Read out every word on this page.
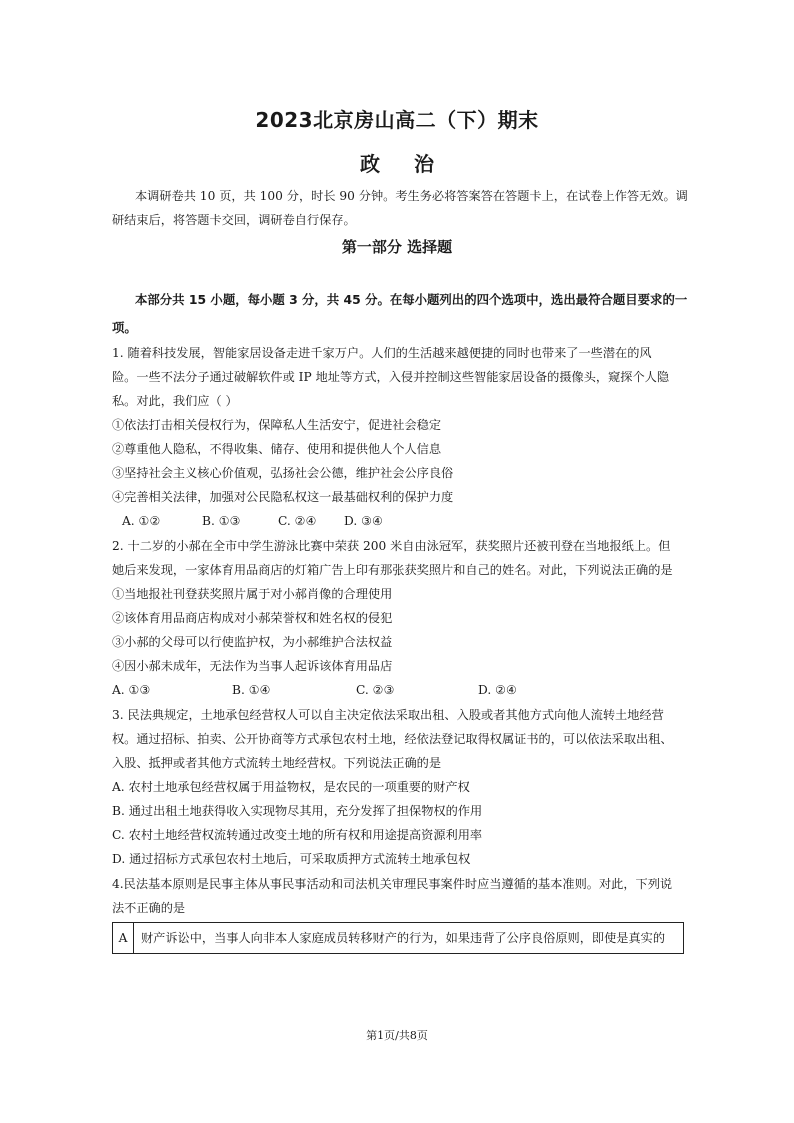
2023北京房山高二（下）期末
政治
本调研卷共 10 页，共 100 分，时长 90 分钟。考生务必将答案答在答题卡上，在试卷上作答无效。调
研结束后，将答题卡交回，调研卷自行保存。
第一部分 选择题
本部分共 15 小题，每小题 3 分，共 45 分。在每小题列出的四个选项中，选出最符合题目要求的一
项。
1. 随着科技发展，智能家居设备走进千家万户。人们的生活越来越便捷的同时也带来了一些潜在的风
险。一些不法分子通过破解软件或 IP 地址等方式，入侵并控制这些智能家居设备的摄像头，窥探个人隐
私。对此，我们应（ ）
①依法打击相关侵权行为，保障私人生活安宁，促进社会稳定
②尊重他人隐私，不得收集、储存、使用和提供他人个人信息
③坚持社会主义核心价值观，弘扬社会公德，维护社会公序良俗
④完善相关法律，加强对公民隐私权这一最基础权利的保护力度
A. ①②	B. ①③	C. ②④ D. ③④
2. 十二岁的小郝在全市中学生游泳比赛中荣获 200 米自由泳冠军，获奖照片还被刊登在当地报纸上。但
她后来发现，一家体育用品商店的灯箱广告上印有那张获奖照片和自己的姓名。对此，下列说法正确的是
①当地报社刊登获奖照片属于对小郝肖像的合理使用
②该体育用品商店构成对小郝荣誉权和姓名权的侵犯
③小郝的父母可以行使监护权，为小郝维护合法权益
④因小郝未成年，无法作为当事人起诉该体育用品店
A. ①③	B. ①④	C. ②③	D. ②④
3. 民法典规定，土地承包经营权人可以自主决定依法采取出租、入股或者其他方式向他人流转土地经营
权。通过招标、拍卖、公开协商等方式承包农村土地，经依法登记取得权属证书的，可以依法采取出租、
入股、抵押或者其他方式流转土地经营权。下列说法正确的是
A. 农村土地承包经营权属于用益物权，是农民的一项重要的财产权
B. 通过出租土地获得收入实现物尽其用，充分发挥了担保物权的作用
C. 农村土地经营权流转通过改变土地的所有权和用途提高资源利用率
D. 通过招标方式承包农村土地后，可采取质押方式流转土地承包权
4.民法基本原则是民事主体从事民事活动和司法机关审理民事案件时应当遵循的基本准则。对此，下列说
法不正确的是
A	财产诉讼中，当事人向非本人家庭成员转移财产的行为，如果违背了公序良俗原则，即使是真实的
第1页/共8页
